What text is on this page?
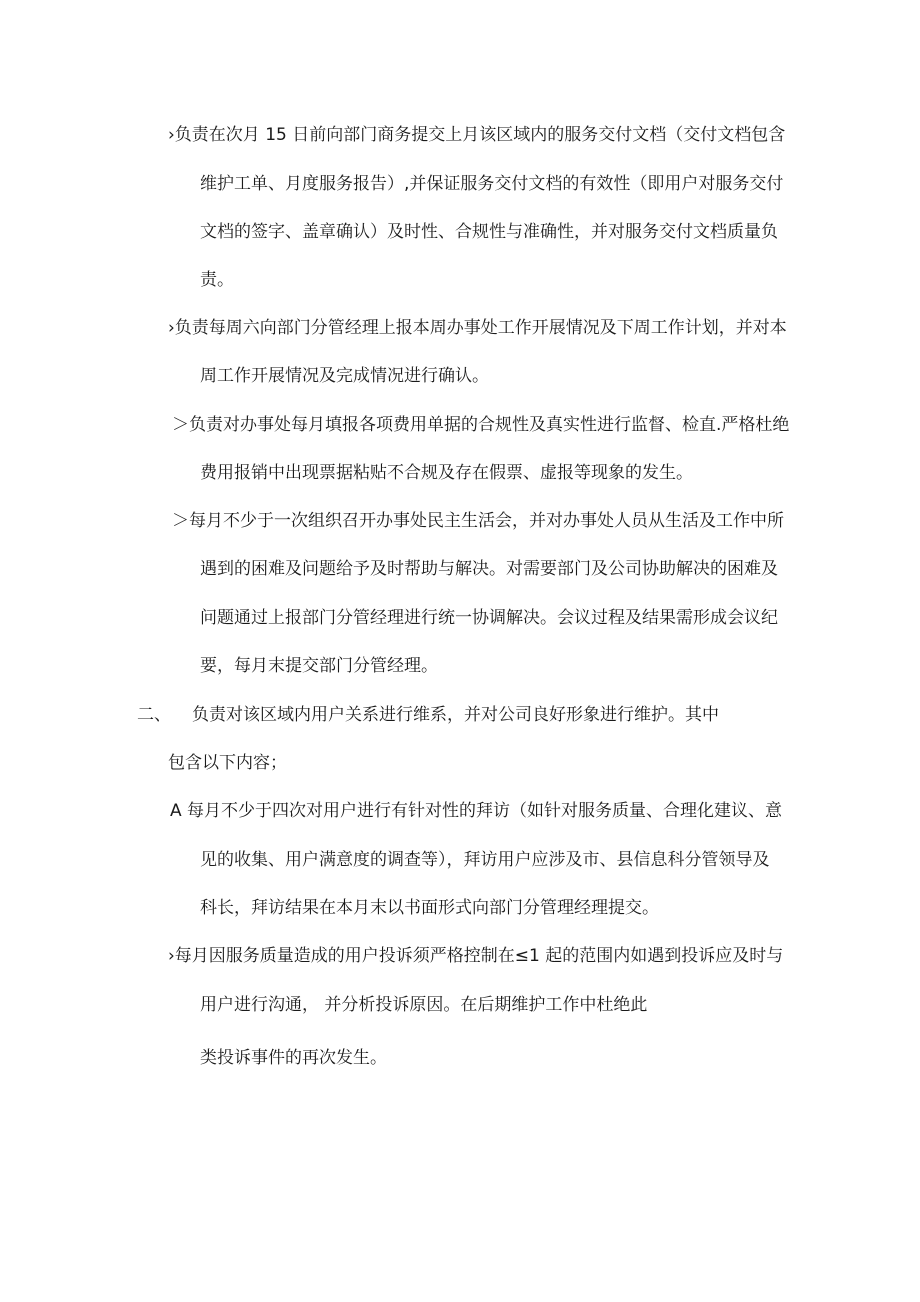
›负责在次月 15 日前向部门商务提交上月该区域内的服务交付文档（交付文档包含
维护工单、月度服务报告）,并保证服务交付文档的有效性（即用户对服务交付
文档的签字、盖章确认）及时性、合规性与准确性，并对服务交付文档质量负
责。
›负责每周六向部门分管经理上报本周办事处工作开展情况及下周工作计划，并对本
周工作开展情况及完成情况进行确认。
＞负责对办事处每月填报各项费用单据的合规性及真实性进行监督、检直.严格杜绝
费用报销中出现票据粘贴不合规及存在假票、虚报等现象的发生。
＞每月不少于一次组织召开办事处民主生活会，并对办事处人员从生活及工作中所
遇到的困难及问题给予及时帮助与解决。对需要部门及公司协助解决的困难及
问题通过上报部门分管经理进行统一协调解决。会议过程及结果需形成会议纪
要，每月末提交部门分管经理。
二、 负责对该区域内用户关系进行维系，并对公司良好形象进行维护。其中
包含以下内容；
A 每月不少于四次对用户进行有针对性的拜访（如针对服务质量、合理化建议、意
见的收集、用户满意度的调查等），拜访用户应涉及市、县信息科分管领导及
科长，拜访结果在本月末以书面形式向部门分管理经理提交。
›每月因服务质量造成的用户投诉须严格控制在≤1 起的范围内如遇到投诉应及时与
用户进行沟通， 并分析投诉原因。在后期维护工作中杜绝此
类投诉事件的再次发生。
